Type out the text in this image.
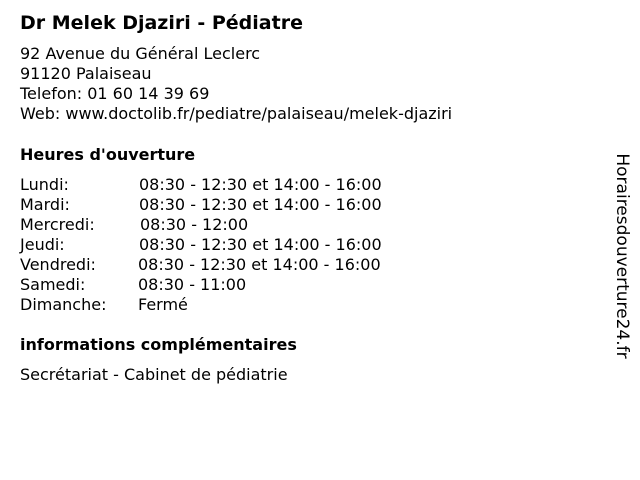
Dr Melek Djaziri - Pédiatre
92 Avenue du Général Leclerc
91120 Palaiseau
Telefon: 01 60 14 39 69
Web: www.doctolib.fr/pediatre/palaiseau/melek-djaziri
Heures d'ouverture
Lundi:	08:30 - 12:30 et 14:00 - 16:00
Mardi:	08:30 - 12:30 et 14:00 - 16:00
Mercredi:	08:30 - 12:00
Jeudi:	08:30 - 12:30 et 14:00 - 16:00
Vendredi:	08:30 - 12:30 et 14:00 - 16:00
Samedi:	08:30 - 11:00
Dimanche: Fermé
informations complémentaires
Secrétariat - Cabinet de pédiatrie
Horairesdouverture24.fr
